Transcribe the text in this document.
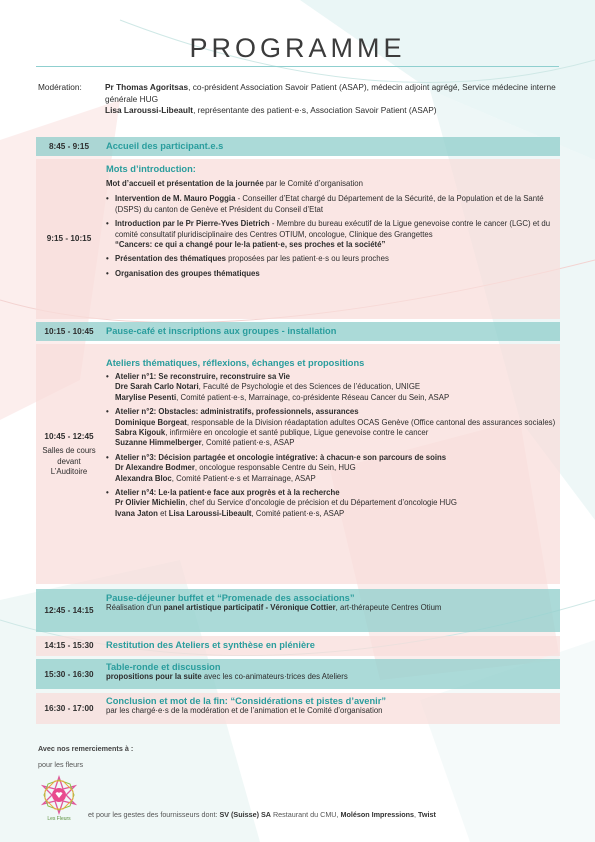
PROGRAMME
Modération:	Pr Thomas Agoritsas, co-président Association Savoir Patient (ASAP), médecin adjoint agrégé, Service médecine interne générale HUG
Lisa Laroussi-Libeault, représentante des patient·e·s, Association Savoir Patient (ASAP)
8:45 - 9:15	Accueil des participant.e.s
9:15 - 10:15
Mots d’introduction:
Mot d’accueil et présentation de la journée par le Comité d’organisation
• Intervention de M. Mauro Poggia - Conseiller d’Etat chargé du Département de la Sécurité, de la Population et de la Santé (DSPS) du canton de Genève et Président du Conseil d’Etat
• Introduction par le Pr Pierre-Yves Dietrich - Membre du bureau exécutif de la Ligue genevoise contre le cancer (LGC) et du comité consultatif pluridisciplinaire des Centres OTIUM, oncologue, Clinique des Grangettes
“Cancers: ce qui a changé pour le·la patient·e, ses proches et la société”
• Présentation des thématiques proposées par les patient·e·s ou leurs proches
• Organisation des groupes thématiques
10:15 - 10:45	Pause-café et inscriptions aux groupes - installation
10:45 - 12:45
Salles de cours devant L’Auditoire
Ateliers thématiques, réflexions, échanges et propositions
• Atelier n°1: Se reconstruire, reconstruire sa Vie
Dre Sarah Carlo Notari, Faculté de Psychologie et des Sciences de l’éducation, UNIGE
Marylise Pesenti, Comité patient·e·s, Marrainage, co-présidente Réseau Cancer du Sein, ASAP
• Atelier n°2: Obstacles: administratifs, professionnels, assurances
Dominique Borgeat, responsable de la Division réadaptation adultes OCAS Genève (Office cantonal des assurances sociales)
Sabra Kigouk, infirmière en oncologie et santé publique, Ligue genevoise contre le cancer
Suzanne Himmelberger, Comité patient·e·s, ASAP
• Atelier n°3: Décision partagée et oncologie intégrative: à chacun·e son parcours de soins
Dr Alexandre Bodmer, oncologue responsable Centre du Sein, HUG
Alexandra Bloc, Comité Patient·e·s et Marrainage, ASAP
• Atelier n°4: Le·la patient·e face aux progrès et à la recherche
Pr Olivier Michielin, chef du Service d’oncologie de précision et du Département d’oncologie HUG
Ivana Jaton et Lisa Laroussi-Libeault, Comité patient·e·s, ASAP
12:45 - 14:15
Pause-déjeuner buffet et “Promenade des associations”
Réalisation d’un panel artistique participatif - Véronique Cottier, art-thérapeute Centres Otium
14:15 - 15:30	Restitution des Ateliers et synthèse en plénière
15:30 - 16:30
Table-ronde et discussion
propositions pour la suite avec les co-animateurs·trices des Ateliers
16:30 - 17:00
Conclusion et mot de la fin: “Considérations et pistes d’avenir”
par les chargé·e·s de la modération et de l’animation et le Comité d’organisation
Avec nos remerciements à :
pour les fleurs
Les Fleurs et pour les gestes des fournisseurs dont: SV (Suisse) SA Restaurant du CMU, Moléson Impressions, Twist
